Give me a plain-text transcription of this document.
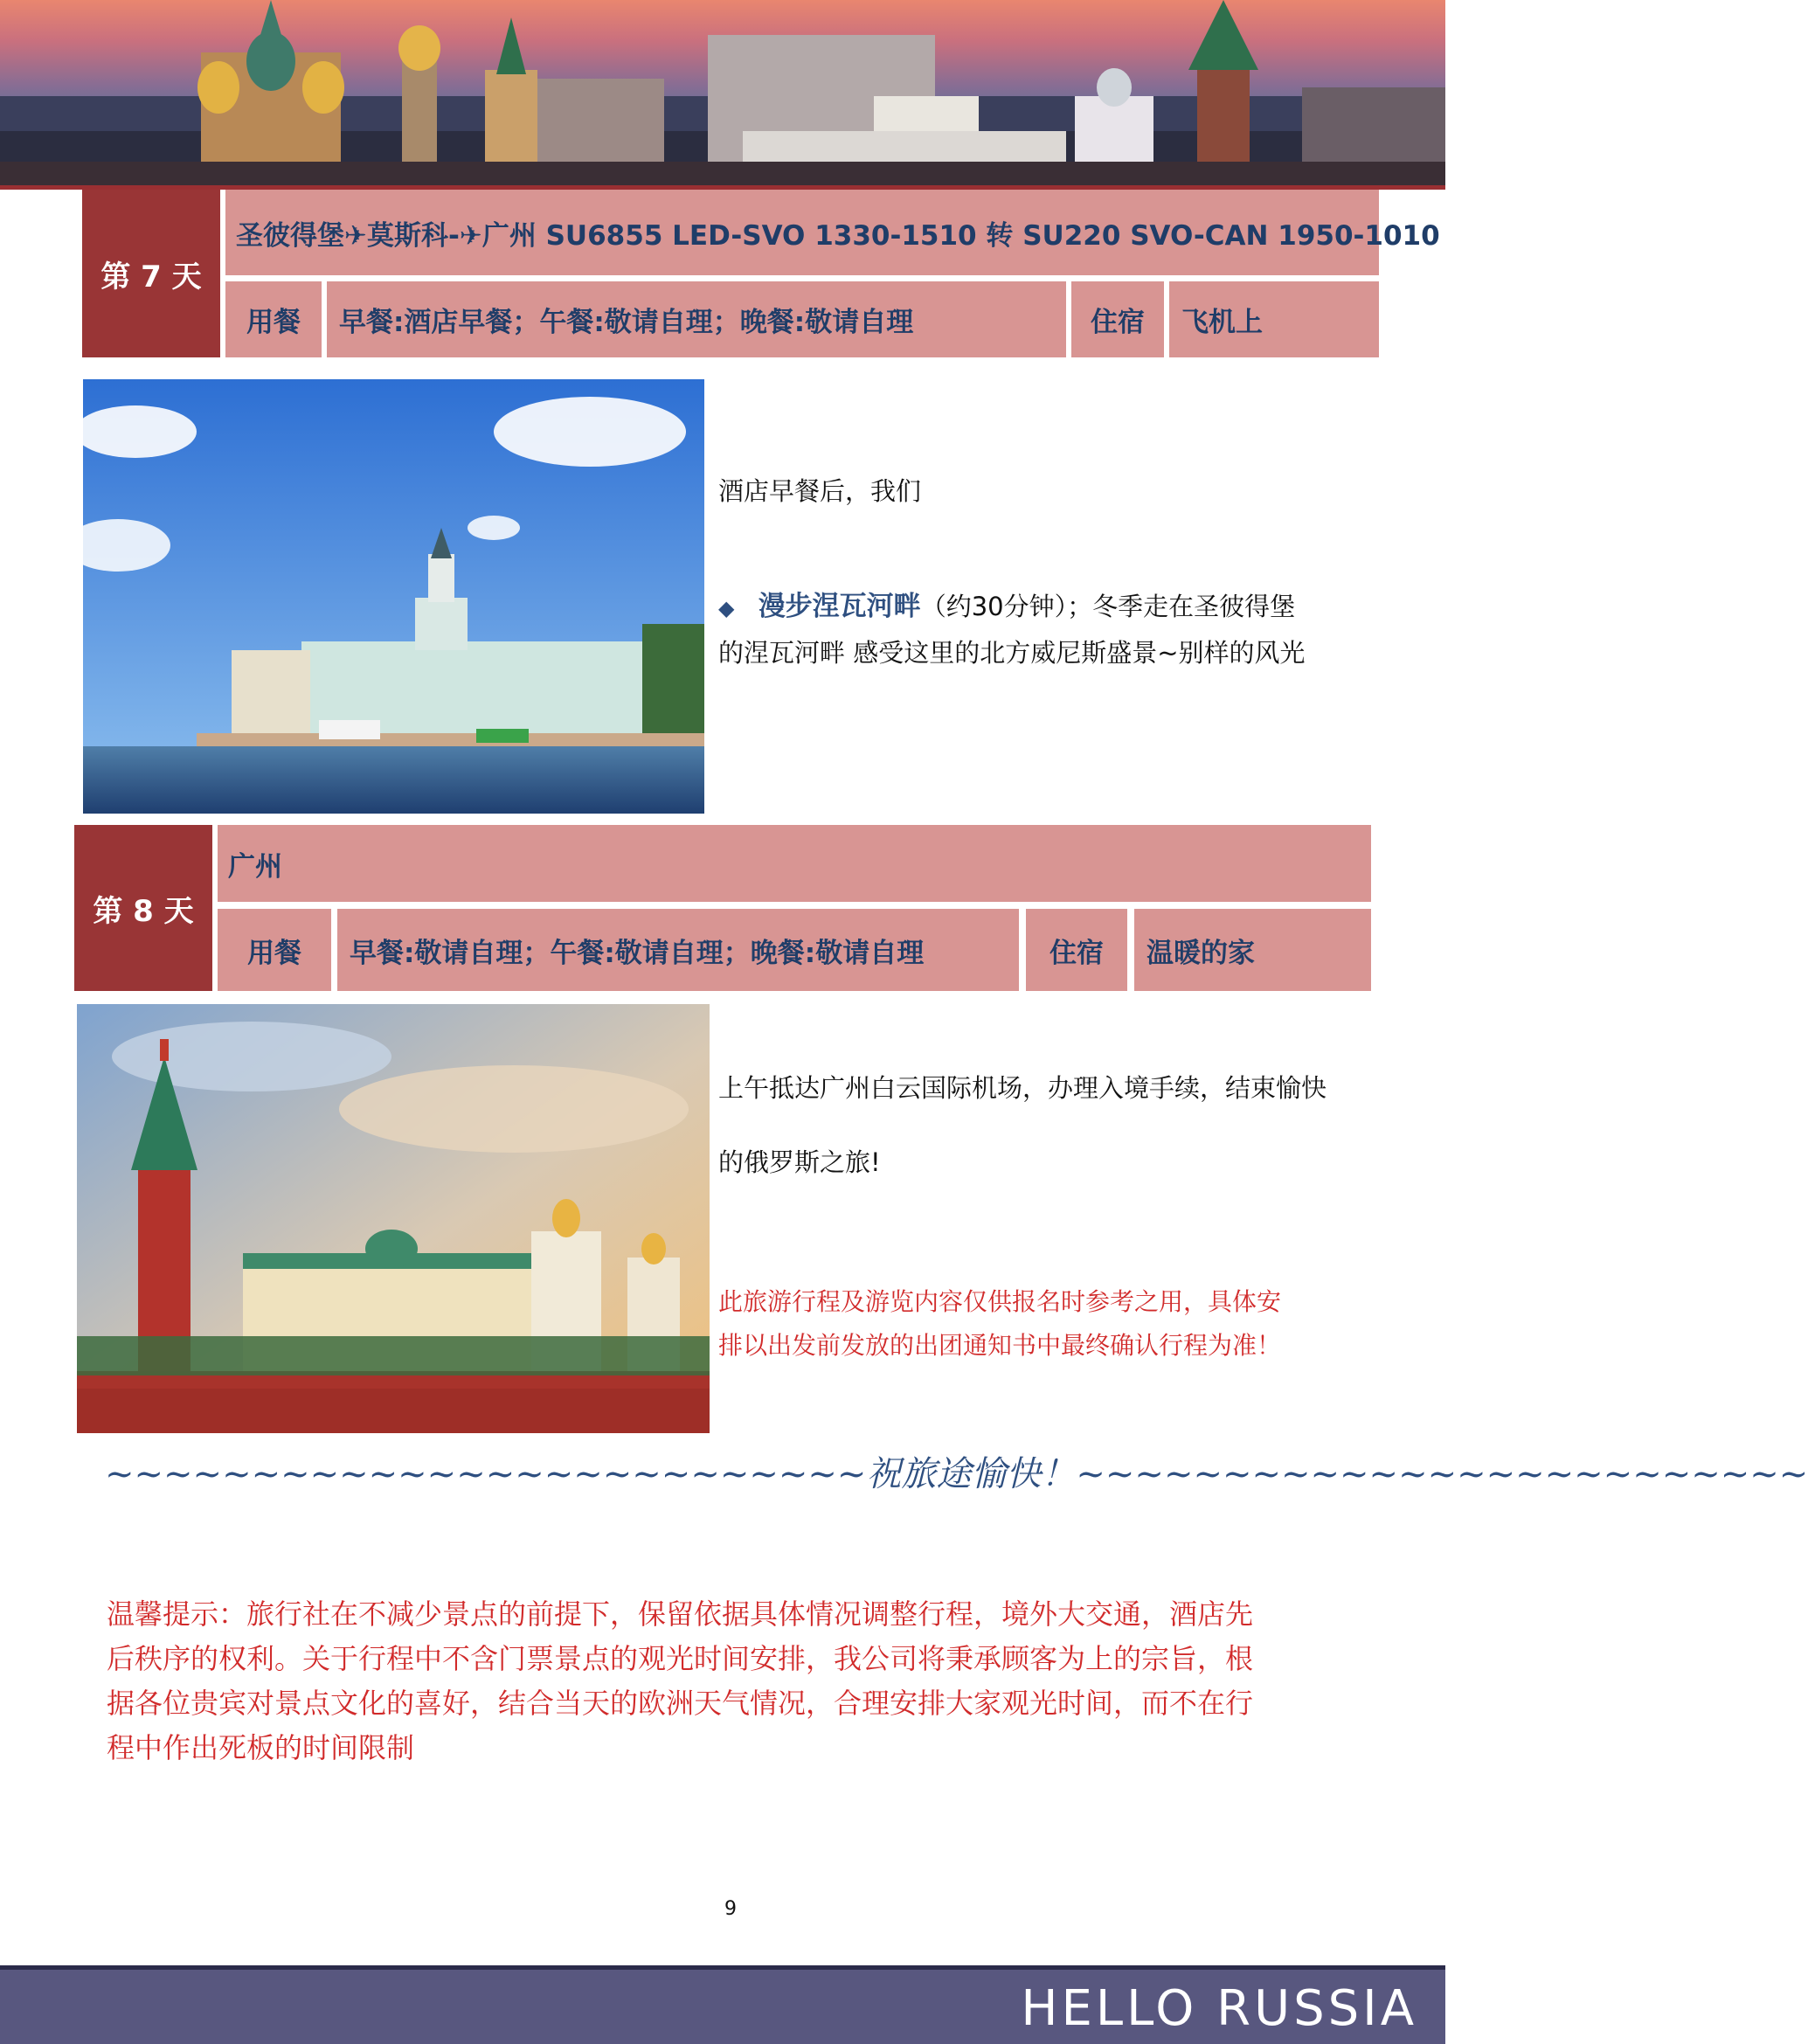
第 7 天
圣彼得堡✈莫斯科-✈广州 SU6855 LED-SVO 1330-1510 转 SU220 SVO-CAN 1950-1010
用餐	早餐:酒店早餐；午餐:敬请自理；晚餐:敬请自理	住宿	飞机上
酒店早餐后，我们
◆ 漫步涅瓦河畔（约30分钟）；冬季走在圣彼得堡
的涅瓦河畔 感受这里的北方威尼斯盛景~别样的风光
第 8 天
广州
用餐	早餐:敬请自理；午餐:敬请自理；晚餐:敬请自理	住宿	温暖的家
上午抵达广州白云国际机场，办理入境手续，结束愉快
的俄罗斯之旅!
此旅游行程及游览内容仅供报名时参考之用，具体安
排以出发前发放的出团通知书中最终确认行程为准！
~~~~~~~~~~~~~~~~~~~~~~~~~~祝旅途愉快！~~~~~~~~~~~~~~~~~~~~~~~~~
温馨提示：旅行社在不减少景点的前提下，保留依据具体情况调整行程，境外大交通，酒店先
后秩序的权利。关于行程中不含门票景点的观光时间安排，我公司将秉承顾客为上的宗旨，根
据各位贵宾对景点文化的喜好，结合当天的欧洲天气情况，合理安排大家观光时间，而不在行
程中作出死板的时间限制
9
HELLO RUSSIA
